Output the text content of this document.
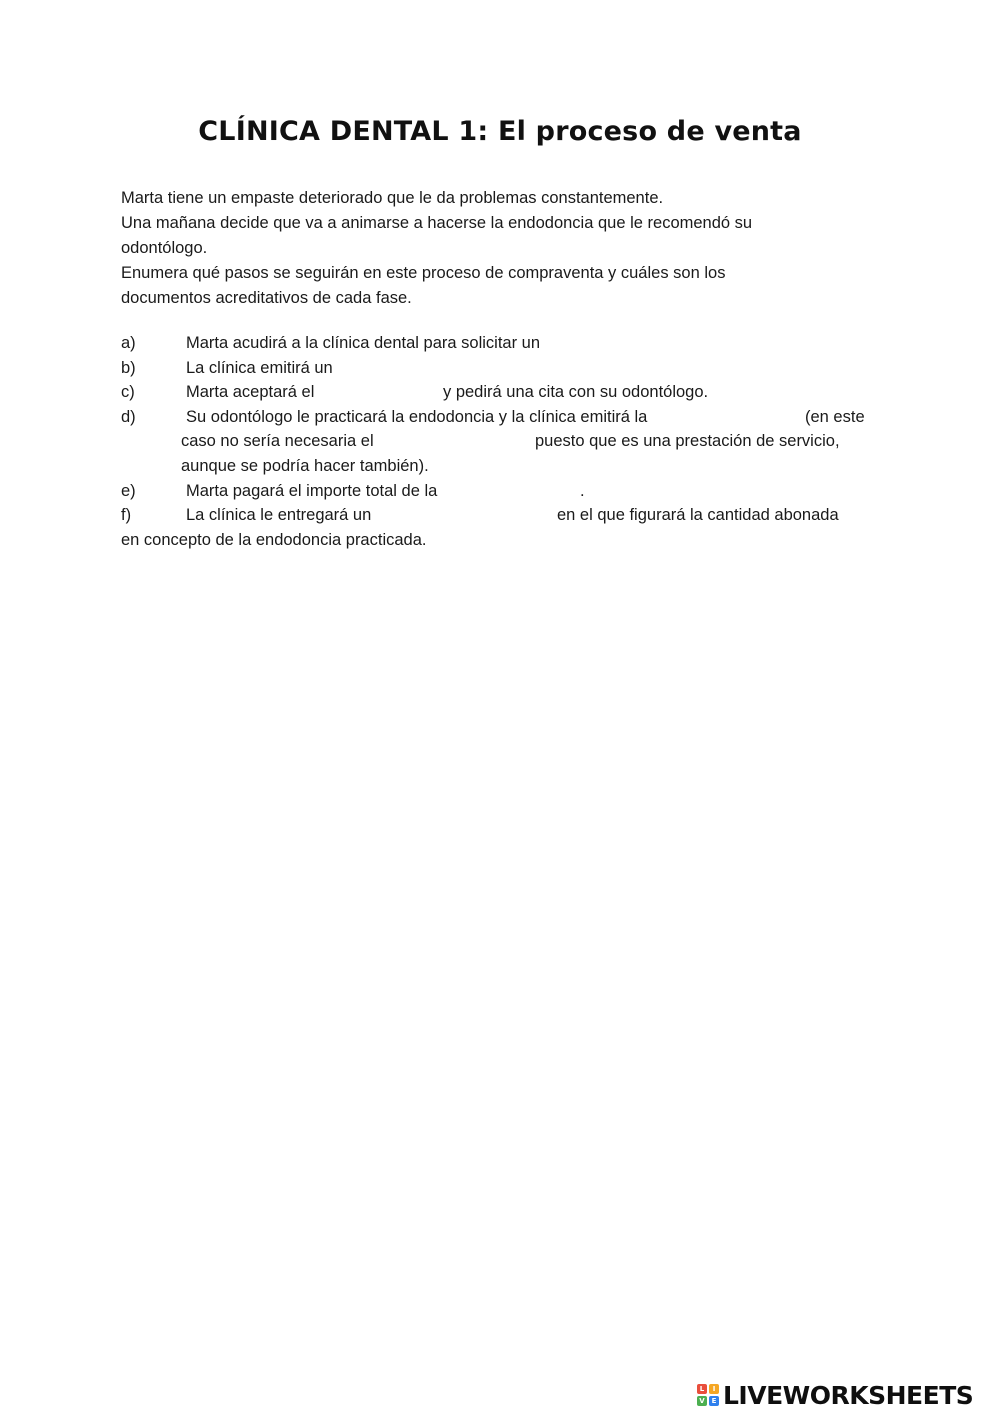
CLÍNICA DENTAL 1: El proceso de venta

Marta tiene un empaste deteriorado que le da problemas constantemente.

Una mañana decide que va a animarse a hacerse la endodoncia que le recomendó su

odontólogo.

Enumera qué pasos se seguirán en este proceso de compraventa y cuáles son los

documentos acreditativos de cada fase.

a)	Marta acudirá a la clínica dental para solicitar un
b)	La clínica emitirá un
c)	Marta aceptará el	y pedirá una cita con su odontólogo.
d)	Su odontólogo le practicará la endodoncia y la clínica emitirá la	(en este
caso no sería necesaria el	puesto que es una prestación de servicio,
aunque se podría hacer también).
e)	Marta pagará el importe total de la	.
f)	La clínica le entregará un	en el que figurará la cantidad abonada
en concepto de la endodoncia practicada.
L	I
V E LIVEWORKSHEETS
